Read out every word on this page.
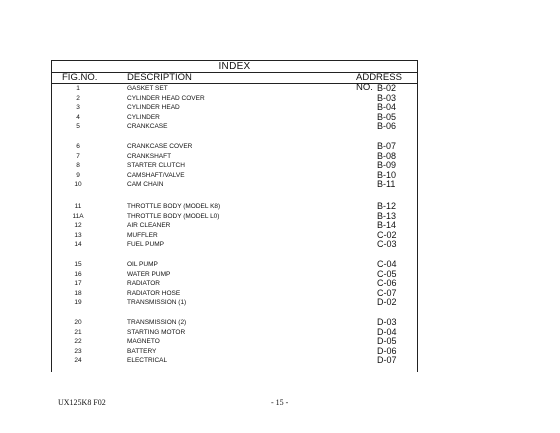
INDEX
FIG.NO.	DESCRIPTION	ADDRESS NO.
1	GASKET SET	B-02
2	CYLINDER HEAD COVER	B-03
3	CYLINDER HEAD	B-04
4	CYLINDER	B-05
5	CRANKCASE	B-06
6	CRANKCASE COVER	B-07
7	CRANKSHAFT	B-08
8	STARTER CLUTCH	B-09
9	CAMSHAFT/VALVE	B-10
10	CAM CHAIN	B-11
11	THROTTLE BODY (MODEL K8)	B-12
11A	THROTTLE BODY (MODEL L0)	B-13
12	AIR CLEANER	B-14
13	MUFFLER	C-02
14	FUEL PUMP	C-03
15	OIL PUMP	C-04
16	WATER PUMP	C-05
17	RADIATOR	C-06
18	RADIATOR HOSE	C-07
19	TRANSMISSION (1)	D-02
20	TRANSMISSION (2)	D-03
21	STARTING MOTOR	D-04
22	MAGNETO	D-05
23	BATTERY	D-06
24	ELECTRICAL	D-07
UX125K8 F02	- 15 -
